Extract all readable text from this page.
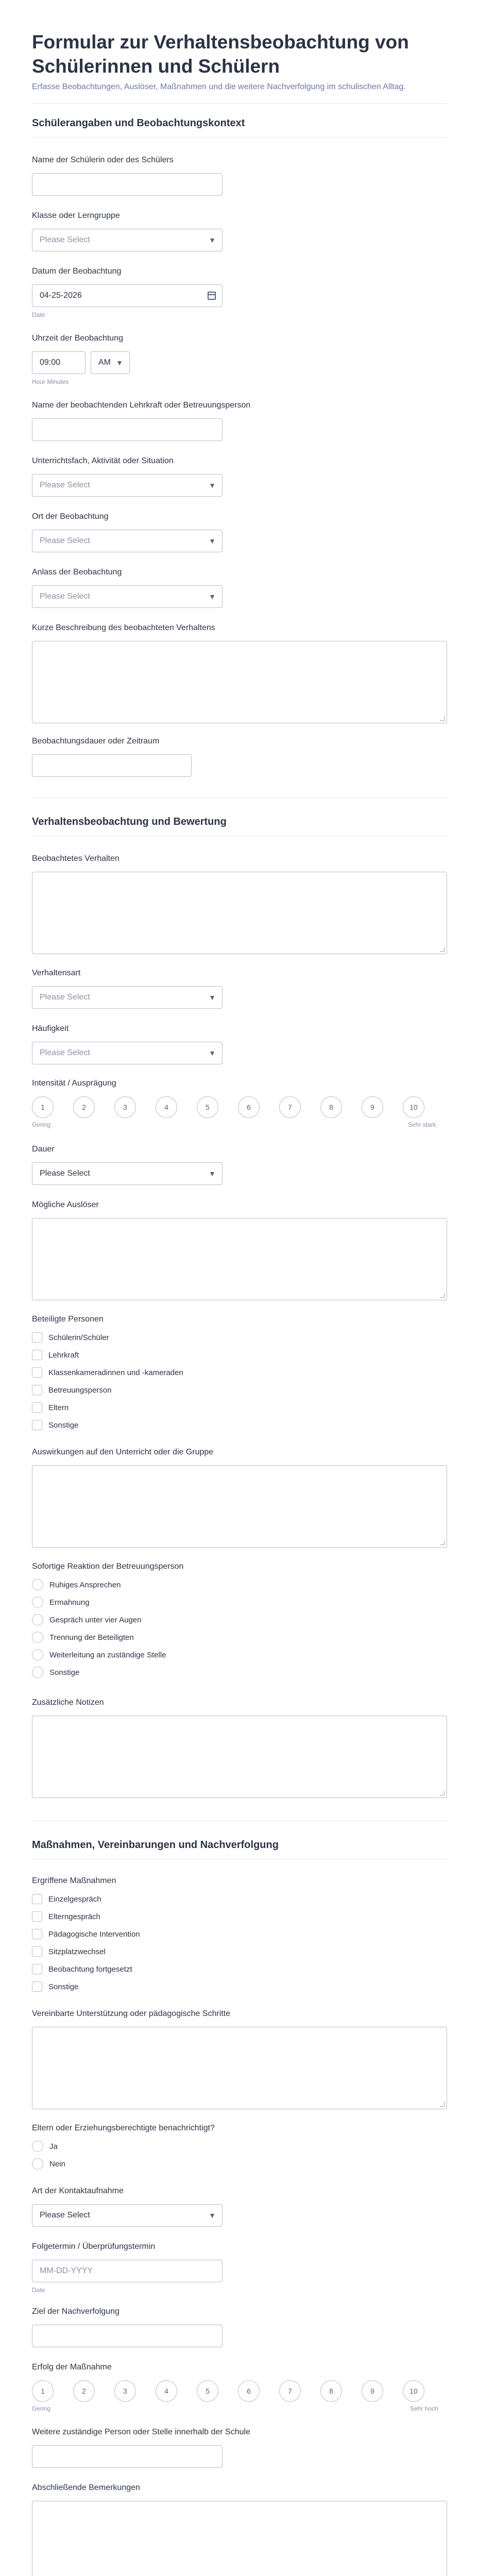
Formular zur Verhaltensbeobachtung von Schülerinnen und Schülern
Erfasse Beobachtungen, Auslöser, Maßnahmen und die weitere Nachverfolgung im schulischen Alltag.
Schülerangaben und Beobachtungskontext
Name der Schülerin oder des Schülers
Klasse oder Lerngruppe
Please Select	▼
Datum der Beobachtung
04-25-2026
Date
Uhrzeit der Beobachtung
09:00	AM ▼
Hour Minutes
Name der beobachtenden Lehrkraft oder Betreuungsperson
Unterrichtsfach, Aktivität oder Situation
Please Select	▼
Ort der Beobachtung
Please Select	▼
Anlass der Beobachtung
Please Select	▼
Kurze Beschreibung des beobachteten Verhaltens
Beobachtungsdauer oder Zeitraum
Verhaltensbeobachtung und Bewertung
Beobachtetes Verhalten
Verhaltensart
Please Select	▼
Häufigkeit
Please Select	▼
Intensität / Ausprägung
1	2	3	4	5	6	7	8	9	10
Gering	Sehr stark
Dauer
Please Select	▼
Mögliche Auslöser
Beteiligte Personen
Schülerin/Schüler
Lehrkraft
Klassenkameradinnen und -kameraden
Betreuungsperson
Eltern
Sonstige
Auswirkungen auf den Unterricht oder die Gruppe
Sofortige Reaktion der Betreuungsperson
Ruhiges Ansprechen
Ermahnung
Gespräch unter vier Augen
Trennung der Beteiligten
Weiterleitung an zuständige Stelle
Sonstige
Zusätzliche Notizen
Maßnahmen, Vereinbarungen und Nachverfolgung
Ergriffene Maßnahmen
Einzelgespräch
Elterngespräch
Pädagogische Intervention
Sitzplatzwechsel
Beobachtung fortgesetzt
Sonstige
Vereinbarte Unterstützung oder pädagogische Schritte
Eltern oder Erziehungsberechtigte benachrichtigt?
Ja
Nein
Art der Kontaktaufnahme
Please Select	▼
Folgetermin / Überprüfungstermin
MM-DD-YYYY
Date
Ziel der Nachverfolgung
Erfolg der Maßnahme
1	2	3	4	5	6	7	8	9	10
Gering	Sehr hoch
Weitere zuständige Person oder Stelle innerhalb der Schule
Abschließende Bemerkungen
